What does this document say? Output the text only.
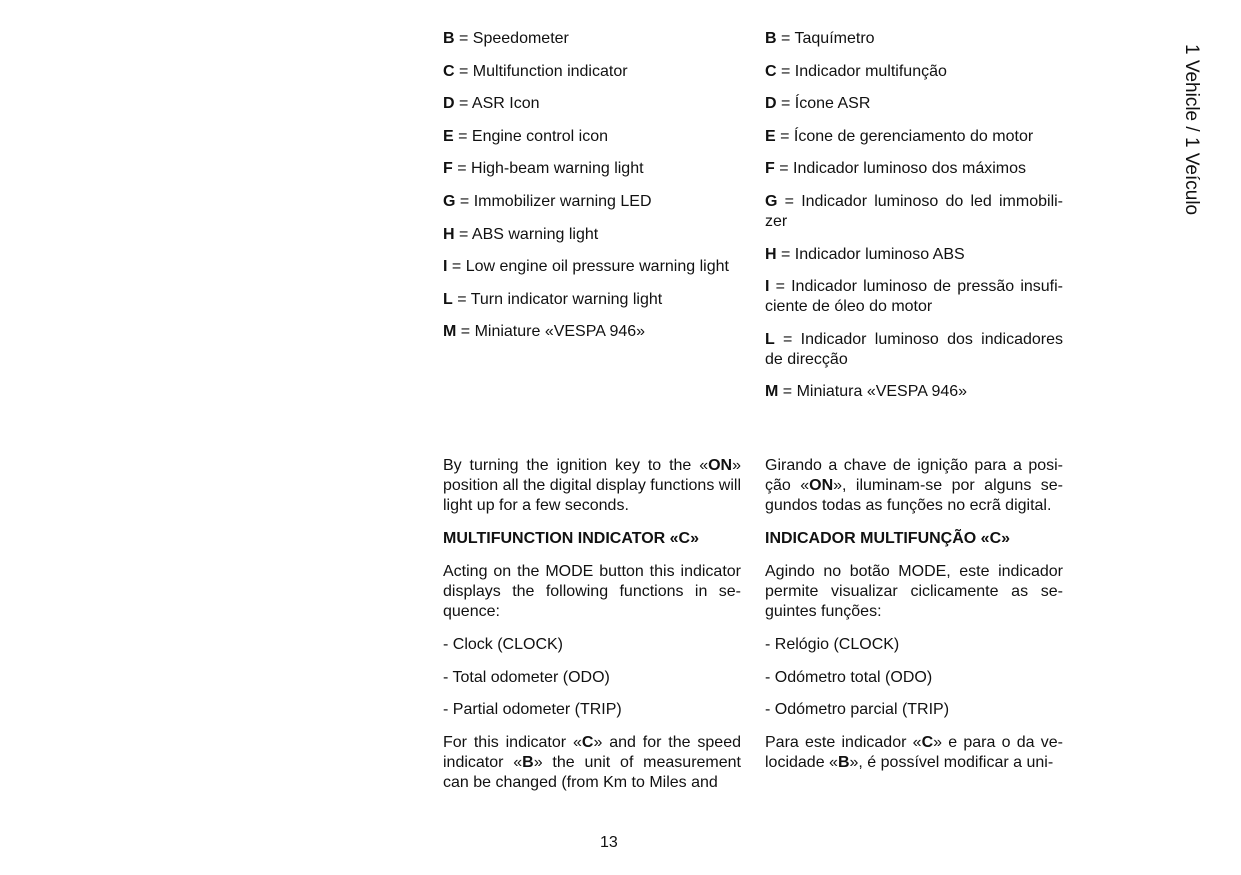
1 Vehicle / 1 Veículo

B = Speedometer

C = Multifunction indicator

D = ASR Icon

E = Engine control icon

F = High-beam warning light

G = Immobilizer warning LED

H = ABS warning light

I = Low engine oil pressure warning light

L = Turn indicator warning light

M = Miniature «VESPA 946»

B = Taquímetro

C = Indicador multifunção

D = Ícone ASR

E = Ícone de gerenciamento do motor

F = Indicador luminoso dos máximos

G = Indicador luminoso do led immobili-zer

H = Indicador luminoso ABS

I = Indicador luminoso de pressão insufi-ciente de óleo do motor

L = Indicador luminoso dos indicadores de direcção

M = Miniatura «VESPA 946»

By turning the ignition key to the «ON» position all the digital display functions will light up for a few seconds.

MULTIFUNCTION INDICATOR «C»

Acting on the MODE button this indicator displays the following functions in se-quence:

- Clock (CLOCK)

- Total odometer (ODO)

- Partial odometer (TRIP)

For this indicator «C» and for the speed indicator «B» the unit of measurement can be changed (from Km to Miles and

Girando a chave de ignição para a posi-ção «ON», iluminam-se por alguns se-gundos todas as funções no ecrã digital.

INDICADOR MULTIFUNÇÃO «C»

Agindo no botão MODE, este indicador permite visualizar ciclicamente as se-guintes funções:

- Relógio (CLOCK)

- Odómetro total (ODO)

- Odómetro parcial (TRIP)

Para este indicador «C» e para o da ve-locidade «B», é possível modificar a uni-

13
